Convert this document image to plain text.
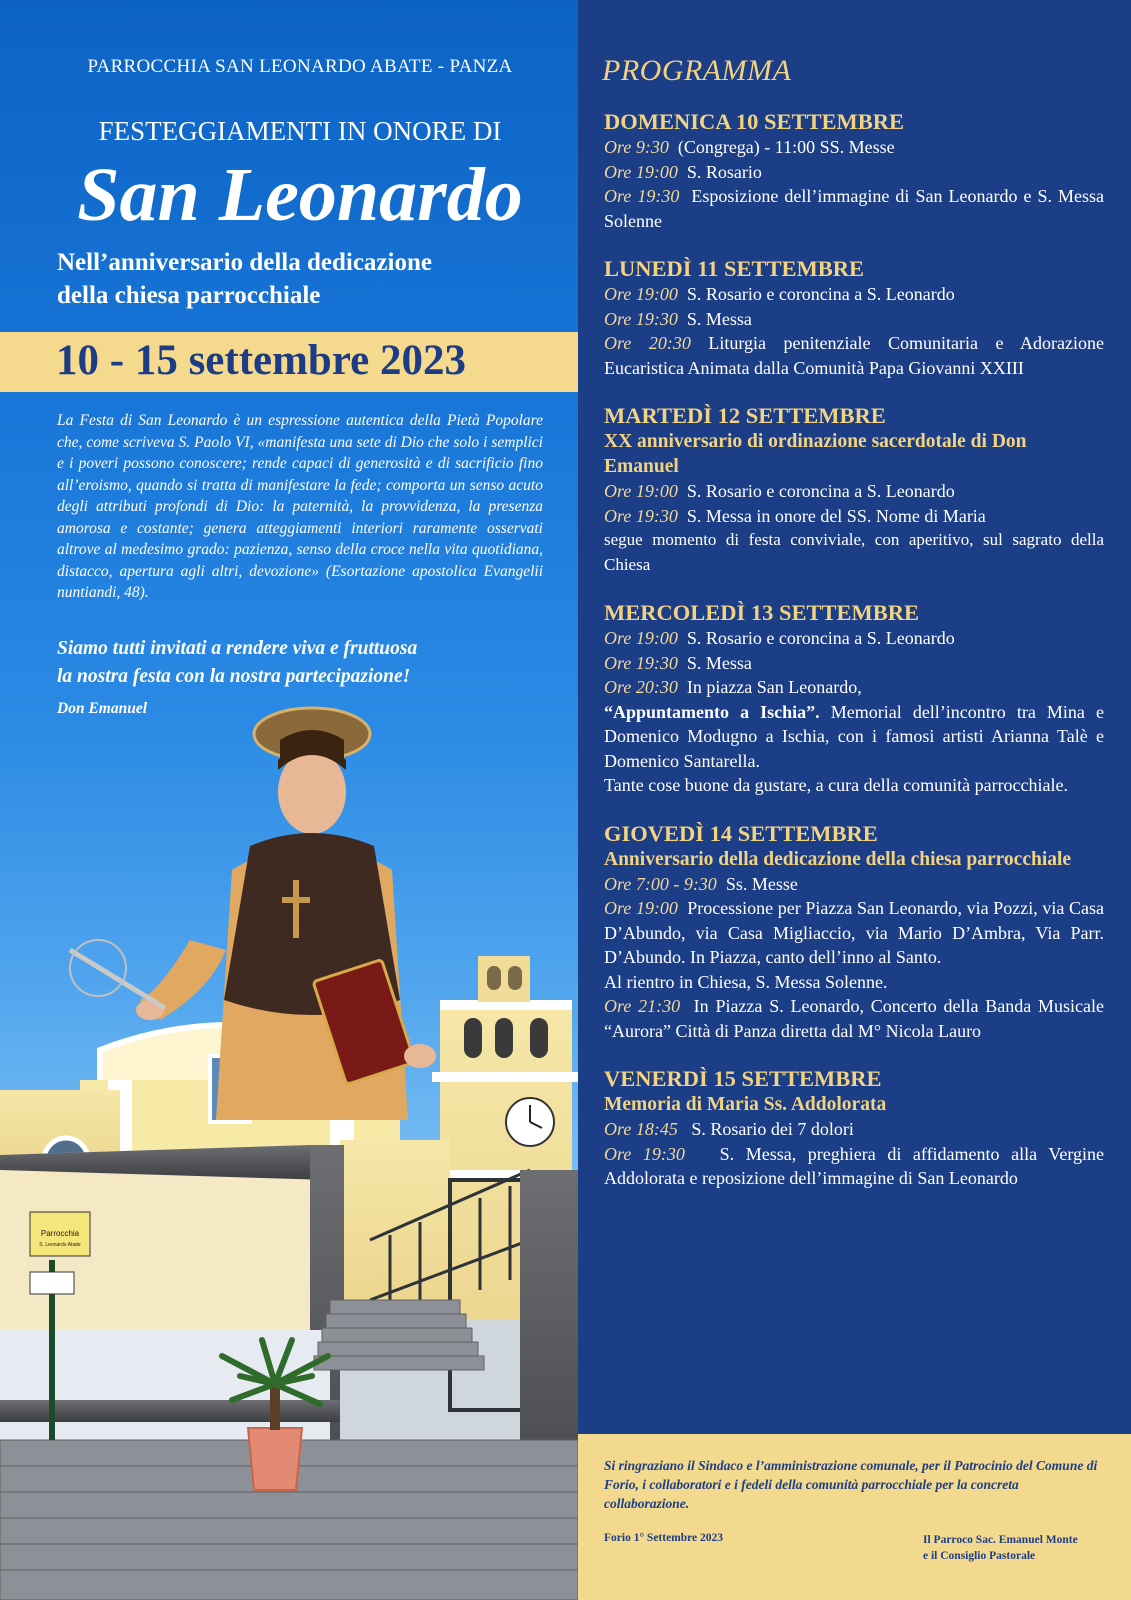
PARROCCHIA SAN LEONARDO ABATE - PANZA
FESTEGGIAMENTI IN ONORE DI
San Leonardo
Nell’anniversario della dedicazione
della chiesa parrocchiale
10 - 15 settembre 2023
La Festa di San Leonardo è un espressione autentica della Pietà Popolare che, come scriveva S. Paolo VI, «manifesta una sete di Dio che solo i semplici e i poveri possono conoscere; rende capaci di generosità e di sacrificio fino all’eroismo, quando si tratta di manifestare la fede; comporta un senso acuto degli attributi profondi di Dio: la paternità, la provvidenza, la presenza amorosa e costante; genera atteggiamenti interiori raramente osservati altrove al medesimo grado: pazienza, senso della croce nella vita quotidiana, distacco, apertura agli altri, devozione» (Esortazione apostolica Evangelii nuntiandi, 48).
Siamo tutti invitati a rendere viva e fruttuosa
la nostra festa con la nostra partecipazione!
Don Emanuel
Parrocchia
S. Leonardo Abate
PROGRAMMA
DOMENICA 10 SETTEMBRE
Ore 9:30 (Congrega) - 11:00 SS. Messe
Ore 19:00 S. Rosario
Ore 19:30 Esposizione dell’immagine di San Leonardo e S. Messa Solenne
LUNEDÌ 11 SETTEMBRE
Ore 19:00 S. Rosario e coroncina a S. Leonardo
Ore 19:30 S. Messa
Ore 20:30 Liturgia penitenziale Comunitaria e Adorazione Eucaristica Animata dalla Comunità Papa Giovanni XXIII
MARTEDÌ 12 SETTEMBRE
XX anniversario di ordinazione sacerdotale di Don Emanuel
Ore 19:00 S. Rosario e coroncina a S. Leonardo
Ore 19:30 S. Messa in onore del SS. Nome di Maria
segue momento di festa conviviale, con aperitivo, sul sagrato della Chiesa
MERCOLEDÌ 13 SETTEMBRE
Ore 19:00 S. Rosario e coroncina a S. Leonardo
Ore 19:30 S. Messa
Ore 20:30 In piazza San Leonardo,
“Appuntamento a Ischia”. Memorial dell’incontro tra Mina e Domenico Modugno a Ischia, con i famosi artisti Arianna Talè e Domenico Santarella.
Tante cose buone da gustare, a cura della comunità parrocchiale.
GIOVEDÌ 14 SETTEMBRE
Anniversario della dedicazione della chiesa parrocchiale
Ore 7:00 - 9:30 Ss. Messe
Ore 19:00 Processione per Piazza San Leonardo, via Pozzi, via Casa D’Abundo, via Casa Migliaccio, via Mario D’Ambra, Via Parr. D’Abundo. In Piazza, canto dell’inno al Santo.
Al rientro in Chiesa, S. Messa Solenne.
Ore 21:30 In Piazza S. Leonardo, Concerto della Banda Musicale “Aurora” Città di Panza diretta dal M° Nicola Lauro
VENERDÌ 15 SETTEMBRE
Memoria di Maria Ss. Addolorata
Ore 18:45 S. Rosario dei 7 dolori
Ore 19:30 S. Messa, preghiera di affidamento alla Vergine Addolorata e reposizione dell’immagine di San Leonardo
Si ringraziano il Sindaco e l’amministrazione comunale, per il Patrocinio del Comune di Forio, i collaboratori e i fedeli della comunità parrocchiale per la concreta collaborazione.
Forio 1° Settembre 2023	Il Parroco Sac. Emanuel Monte
e il Consiglio Pastorale
